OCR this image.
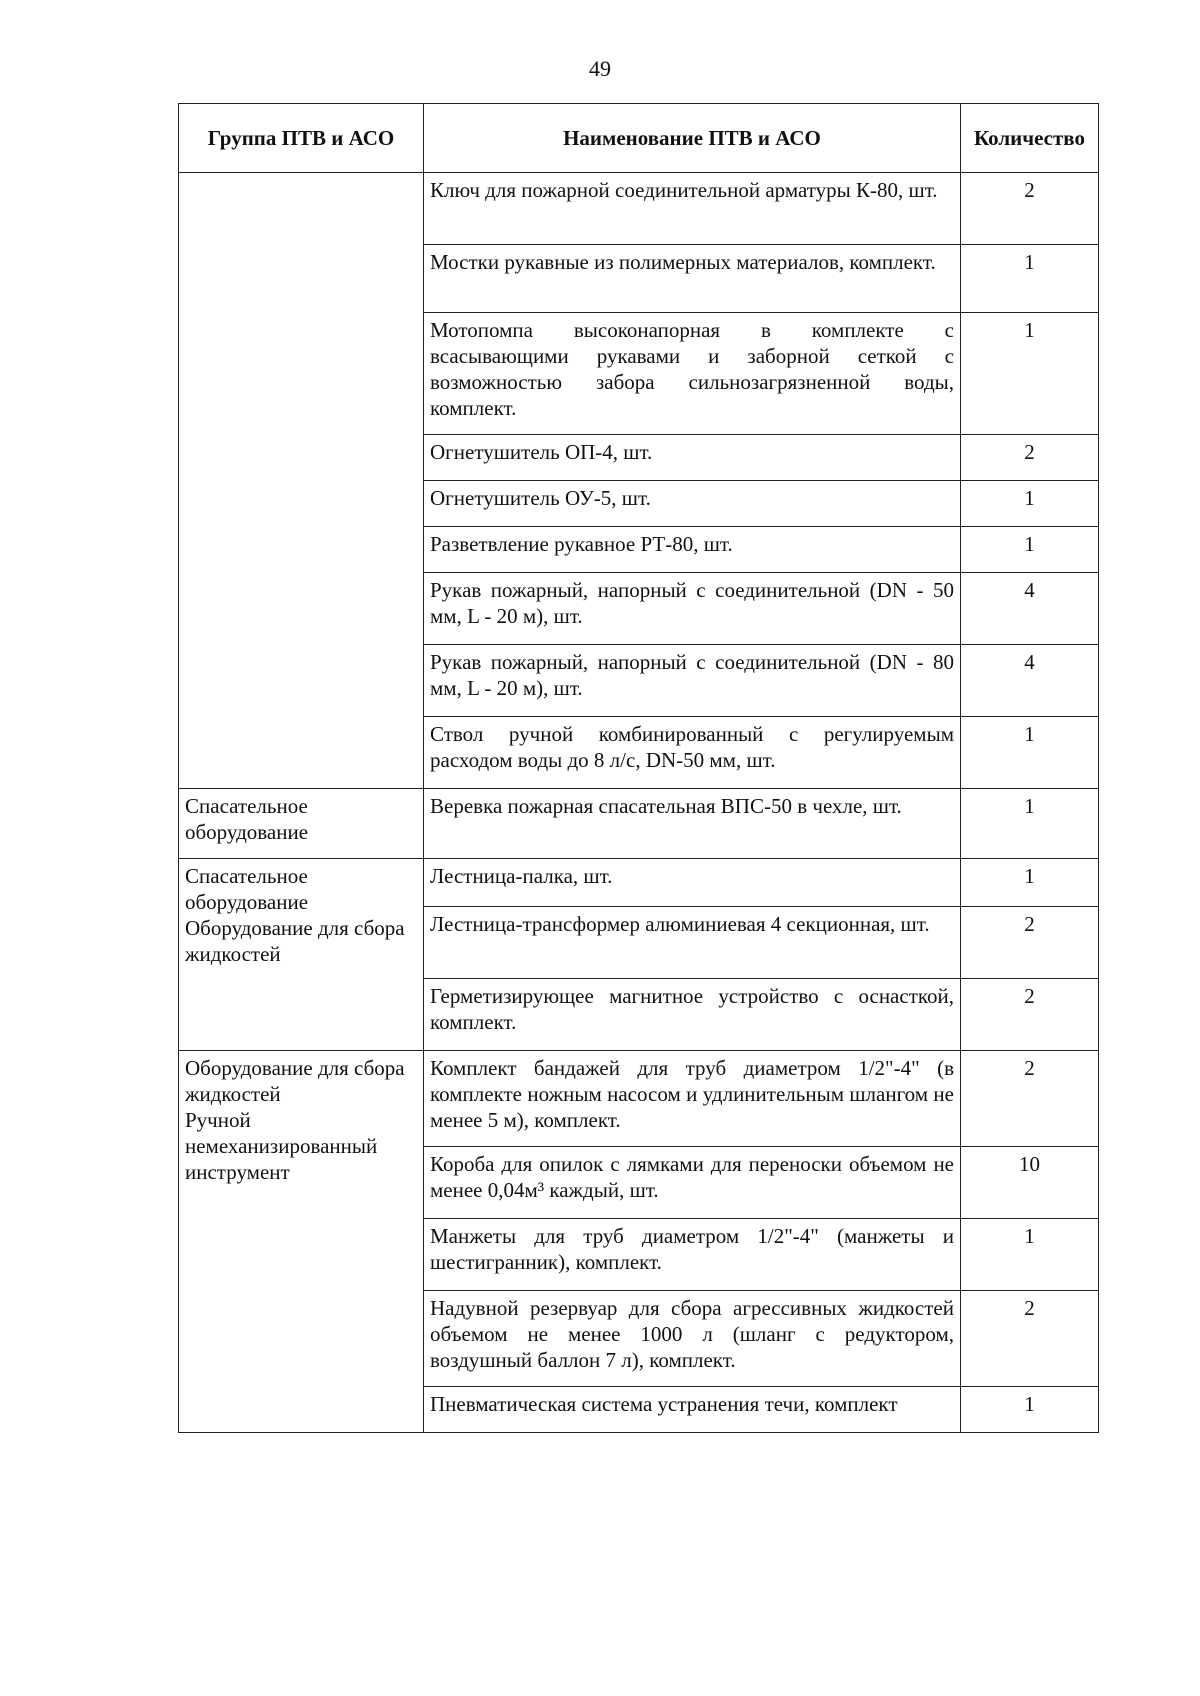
49
Группа ПТВ и АСО	Наименование ПТВ и АСО	Количество
	Ключ для пожарной соединительной арматуры К-80, шт.	2
	Мостки рукавные из полимерных материалов, комплект.	1
	Мотопомпа высоконапорная в комплекте с всасывающими рукавами и заборной сеткой с возможностью забора сильнозагрязненной воды, комплект.	1
	Огнетушитель ОП-4, шт.	2
	Огнетушитель ОУ-5, шт.	1
	Разветвление рукавное РТ-80, шт.	1
	Рукав пожарный, напорный с соединительной (DN - 50 мм, L - 20 м), шт.	4
	Рукав пожарный, напорный с соединительной (DN - 80 мм, L - 20 м), шт.	4
	Ствол ручной комбинированный с регулируемым расходом воды до 8 л/с, DN-50 мм, шт.	1

Спасательное
оборудование	Веревка пожарная спасательная ВПС-50 в чехле, шт.	1

Спасательное
оборудование
Оборудование для сбора
жидкостей	Лестница-палка, шт.	1
	Лестница-трансформер алюминиевая 4 секционная, шт.	2
	Герметизирующее магнитное устройство с оснасткой, комплект.	2

Оборудование для сбора
жидкостей
Ручной
немеханизированный
инструмент	Комплект бандажей для труб диаметром 1/2"-4" (в комплекте ножным насосом и удлинительным шлангом не менее 5 м), комплект.	2
	Короба для опилок с лямками для переноски объемом не менее 0,04м³ каждый, шт.	10
	Манжеты для труб диаметром 1/2"-4" (манжеты и шестигранник), комплект.	1
	Надувной резервуар для сбора агрессивных жидкостей объемом не менее 1000 л (шланг с редуктором, воздушный баллон 7 л), комплект.	2
	Пневматическая система устранения течи, комплект	1
